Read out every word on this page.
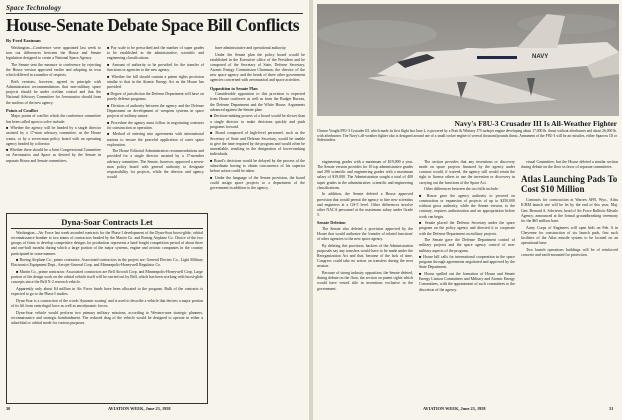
Space Technology
House-Senate Debate Space Bill Conflicts
By Ford Eastman

Washington—Conference were appointed last week to iron out differences between the House and Senate legislation designed to create a National Space Agency.

The Senate sent the measure to conference by rejecting the House version approved earlier and adopting its own which differed in a number of respects.

Both versions, however, agreed in principle with Administration recommendations that non-military space projects should be under civilian control and that the National Advisory Committee for Aeronautics should form the nucleus of the new agency.

Points of Conflict

Major points of conflict which the conference committee has been called upon to solve include:

■ Whether the agency will be headed by a single director assisted by a 17-man advisory committee, as the House wants, or by a seven-man policy board with an operating agency headed by a director.

■ Whether there should be a Joint Congressional Committee on Aeronautics and Space as desired by the Senate in separate House and Senate committees.

■ Pay scale to be prescribed and the number of super grades to be established in the administrative, scientific and engineering classifications.

■ Amount of authority to be provided for the transfer of functions or agencies to the new agency.

■ Whether the bill should contain a patent rights provision similar to that in the Atomic Energy Act as the House has provided.

■ Degree of jurisdiction the Defense Department will have on purely defense programs.

■ Division of authority between the agency and the Defense Department on development of weapons systems in space projects of military nature.

■ Procedure the agency must follow in negotiating contracts for construction or operation.

■ Method of entering into agreements with international nations to ensure the peaceful application of outer space exploration.

The House Editorial Administration recommendations and provided for a single director assisted by a 17-member advisory committee. The Senate, however, approved a seven-man policy board with general authority to designate responsibility for projects, while the director and agency would

have administrative and operational authority.

Under the Senate plan the policy board would be established in the Executive office of the President and be composed of the Secretary of State, Defense Secretary, Atomic Energy Commission Chairman, the director of the new space agency and the heads of three other government agencies concerned with aeronautical and space activities.

Opposition to Senate Plan

Considerable opposition to this provision is expected from House conferees as well as from the Budget Bureau, the Defense Department and the White House. Arguments advanced against the Senate plan:

■ Decision-making powers of a board would be slower than a single director to make decisions quickly and push programs forward.

■ Board composed of high-level personnel, such as the Secretary of State and Defense Secretary, would be unable to give the time required by the program and would often be unavailable, resulting in the designation of lower-ranking individuals.

■ Board's decisions would be delayed by the process of the subordinate having to obtain concurrence of his superior before action could be taken.

■ Under the language of the Senate provision, the board could assign space projects to a department of the government in addition to the agency.

Dyna-Soar Contracts Let

Washington—Air Force last week awarded contracts for the Phase I development of the Dyna-Soar boost-glide, orbital reconnaissance bomber to two teams of contractors headed by the Martin Co. and Boeing Airplane Co. Choice of the two groups of firms to develop competitive designs for production represents a hard-fought competition period of about three and one-half months during which a large portion of the major systems, engine and avionic companies in the country participated in some manner.

■ Boeing Airplane Co., prime contractor. Associated contractors in the project are: General Electric Co., Light Military Electronics Equipment Dept., Aerojet-General Corp. and Minneapolis-Honeywell Regulator Co.

■ Martin Co., prime contractor. Associated contractors are Bell Aircraft Corp. and Minneapolis-Honeywell Corp. Large portion of the design work on the orbital vehicle itself will be carried out by Bell, which has been working with boost-glide concepts since the Bell X-2 research vehicle.

Apparently only about $4 million in Air Force funds have been allocated to the program. Bulk of the contracts is expected to go to the Phase I studies.

Dyna-Soar is a contraction of the words 'dynamic soaring' and is used to describe a vehicle that derives a major portion of its lift from centrifugal force as well as aerodynamic forces.

Dyna-Soar vehicle would perform two primary military missions, according to Western-area strategic planners, reconnaissance and strategic bombardment. The reduced drag of the vehicle would be designed to operate in either a suborbital or orbital mode for various purposes.

30	AVIATION WEEK, June 23, 1958
NAVY
Navy's F8U-3 Crusader III Is All-Weather Fighter
Chance Vought F8U-3 Crusader III, which made its first flight last June 2, is powered by a Pratt & Whitney J75 turbojet engine developing about 17,000 lb. thrust without afterburner and about 26,000 lb. with afterburner. The Navy's all-weather fighter also is designed around use of a small rocket engine of several thousand pounds thrust. Armament of the F8U-3 will be air missiles, either Sparrow III or Sidewinders.

engineering grades with a maximum of $19,000 a year. The Senate version provides for 10 top administrative grades and 290 scientific and engineering grades with a maximum salary of $19,000. The Administration sought a total of 400 super grades in the administrative, scientific and engineering classifications.

In addition, the Senate deleted a House approved provision that would permit the agency to hire new scientists and engineers at a GS-5 level. Other differences involve other NACA personnel at the maximum salary under Grade 5.

Senate Deletion

The Senate also deleted a provision approved by the House that would authorize the 'transfer of related functions' of other agencies to the new space agency.

By deleting this provision, backers of the Administration proposals say any transfers would have to be made under the Reorganization Act and that, because of the lack of time, Congress could take no action on transfers during the next session.

Because of strong industry opposition, the Senate deleted, during debate on the floor, the section on patent rights which would have vested title in inventions exclusive in the government.

The section provides that any inventions or discovery made on space projects financed by the agency under contract would, if waived, the agency still would retain the right to license others to use the invention or discovery in carrying out the functions of the Space Act.

Other differences between the two bills include:

■ House gave the agency authority to proceed on construction or expansion of projects of up to $250,000 without gross authority, while the Senate version, to the contrary, requires authorization and an appropriation before work can begin.

■ Senate placed the Defense Secretary under the space program on the policy agency and directed it to cooperate with the Defense Department on military projects.

The Senate gave the Defense Department control of military projects and the space agency control of non-military aspects of the program.

■ House bill calls for international cooperation in the space program through agreements negotiated and approved by the State Department.

■ House spelled out the formation of House and Senate Energy Liaison Committees and Military and Atomic Energy Committees, with the appointment of such committees to the discretion of the agency.

visual Committee, but the House deleted a similar section during debate on the floor in favor of separate committees.

Atlas Launching Pads To Cost $10 Million

Contracts for construction at Warren AFB, Wyo., Atlas ICBM launch site will be let by the end of this year, Maj. Gen. Bernard A. Schriever, head of Air Force Ballistic Missile Agency, announced at the formal groundbreaking ceremony for the $65 million base.

Army Corps of Engineers will open bids on Feb. 6 in Cheyenne for construction of six launch pads, first such facilities of the Atlas missile system to be located on an operational base.

Two launch operations buildings will be of reinforced concrete and earth-mounted for protection.

AVIATION WEEK, June 23, 1958	31
